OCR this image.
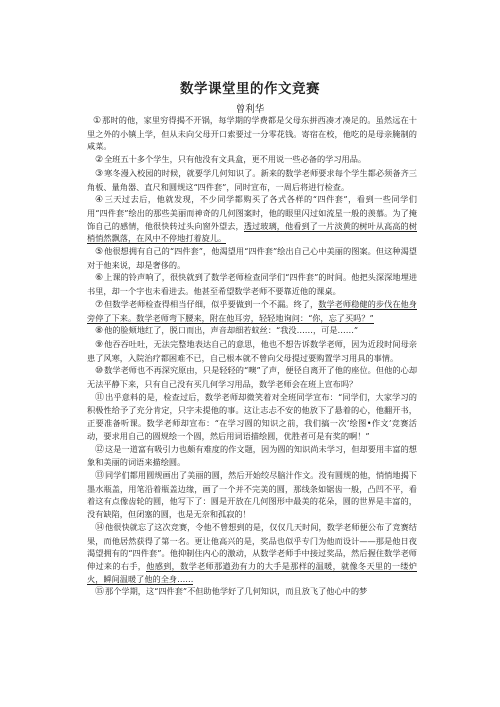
数学课堂里的作文竞赛
曾利华

①那时的他，家里穷得揭不开锅，每学期的学费都是父母东拼西凑才凑足的。虽然远在十里之外的小镇上学，但从未向父母开口索要过一分零花钱。寄宿在校，他吃的是母亲腌制的咸菜。

②全班五十多个学生，只有他没有文具盒，更不用说一些必备的学习用品。

③寒冬漫入校园的时候，就要学几何知识了。新来的数学老师要求每个学生都必须备齐三角板、量角器、直尺和圆规这“四件套”，同时宣布，一周后将进行检查。

④三天过去后，他就发现，不少同学都购买了各式各样的“四件套”，看到一些同学们用“四件套”绘出的那些美丽而神奇的几何图案时，他的眼里闪过如流星一般的羡慕。为了掩饰自己的感情，他很快转过头向窗外望去，透过玻璃，他看到了一片淡黄的树叶从高高的树梢悄然飘落，在风中不停地打着旋儿。

⑤他很想拥有自己的“四件套”，他渴望用“四件套”绘出自己心中美丽的图案。但这种渴望对于他来说，却是奢侈的。

⑥上课的铃声响了，很快就到了数学老师检查同学们“四件套”的时间。他把头深深地埋进书里，却一个字也未看进去。他甚至希望数学老师不要靠近他的课桌。

⑦但数学老师检查得相当仔细，似乎要做到一个不漏。终了，数学老师稳健的步伐在他身旁停了下来。数学老师弯下腰来，附在他耳旁，轻轻地询问：“你，忘了买吗？”

⑧他的脸颊地红了，脱口而出，声音却细若蚊丝：“我没……，可是……”

⑨他吞吞吐吐，无法完整地表达自己的意思，他也不想告诉数学老师，因为近段时间母亲患了风寒，入院治疗都困难不已，自己根本就不曾向父母提过要购置学习用具的事情。

⑩数学老师也不再深究原由，只是轻轻的“噢”了声，便径自离开了他的座位。但他的心却无法平静下来，只有自己没有买几何学习用品，数学老师会在班上宣布吗？

⑪出乎意料的是，检查过后，数学老师却微笑着对全班同学宣布：“同学们，大家学习的积极性给予了充分肯定，只字未提他的事。这让志忐不安的他放下了悬着的心，他翻开书，正要准备听课。数学老师却宣布：“在学习圆的知识之前，我们搞一次‘绘图•作文’竞赛活动，要求用自己的圆规绘一个圆，然后用词语描绘圆，优胜者可是有奖的啊！”

⑫这是一道富有吸引力也颇有难度的作文题，因为圆的知识尚未学习，但却要用丰富的想象和美丽的词语来描绘圆。

⑬同学们都用圆规画出了美丽的圆，然后开始绞尽脑汁作文。没有圆规的他，悄悄地揭下墨水瓶盖，用笔沿着瓶盖边缘，画了一个并不完美的圆，那线条如锯齿一般，凸凹不平，看着这有点像齿轮的圆，他写下了：圆是开放在几何图形中最美的花朵，圆的世界是丰富的，没有缺陷，但闭塞的圆，也是无奈和孤寂的！

⑭他很快就忘了这次竞赛，令他不曾想到的是，仅仅几天时间，数学老师便公布了竞赛结果，而他居然获得了第一名。更让他高兴的是，奖品也似乎专门为他而设计——那是他日夜渴望拥有的“四件套”。他抑制住内心的激动，从数学老师手中接过奖品，然后握住数学老师伸过来的右手，他感到，数学老师那遒劲有力的大手是那样的温暖，就像冬天里的一缕炉火，瞬间温暖了他的全身……

⑮那个学期，这“四件套”不但助他学好了几何知识，而且放飞了他心中的梦
